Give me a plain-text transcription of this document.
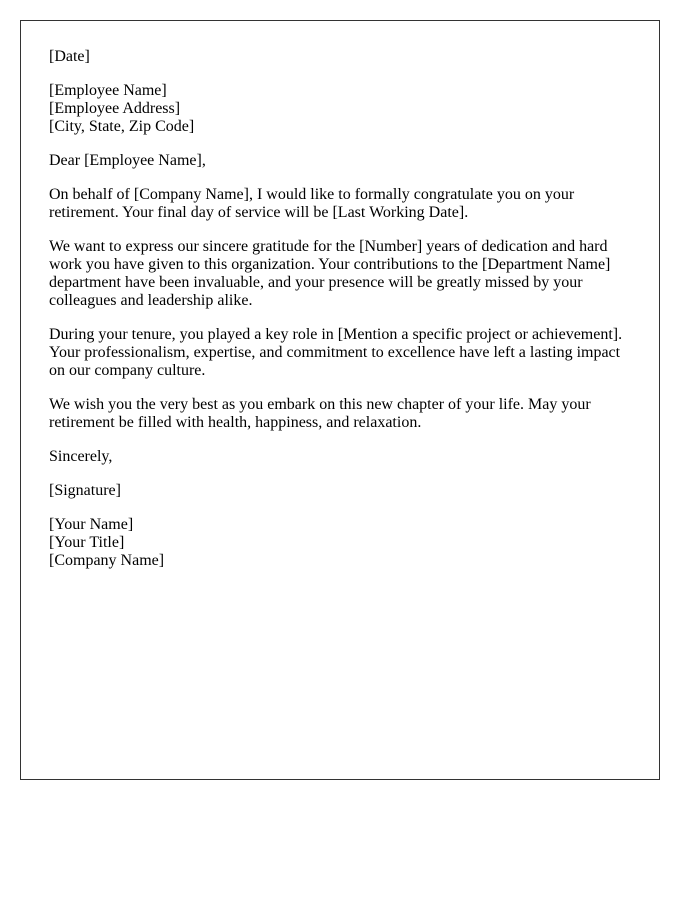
[Date]

[Employee Name]
[Employee Address]
[City, State, Zip Code]

Dear [Employee Name],

On behalf of [Company Name], I would like to formally congratulate you on your retirement. Your final day of service will be [Last Working Date].

We want to express our sincere gratitude for the [Number] years of dedication and hard work you have given to this organization. Your contributions to the [Department Name] department have been invaluable, and your presence will be greatly missed by your colleagues and leadership alike.

During your tenure, you played a key role in [Mention a specific project or achievement]. Your professionalism, expertise, and commitment to excellence have left a lasting impact on our company culture.

We wish you the very best as you embark on this new chapter of your life. May your retirement be filled with health, happiness, and relaxation.

Sincerely,

[Signature]

[Your Name]
[Your Title]
[Company Name]
